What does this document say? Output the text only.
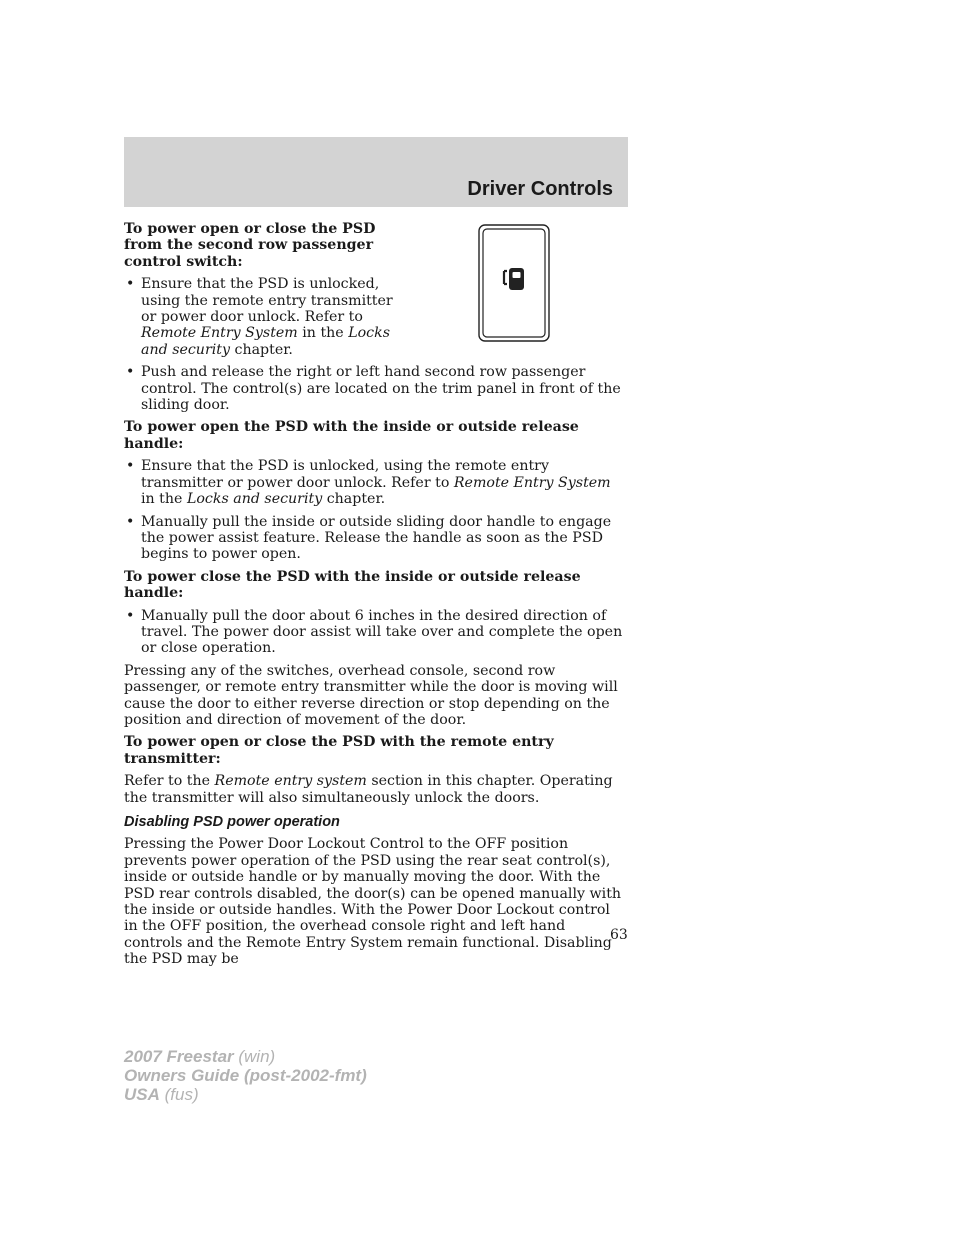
Driver Controls

To power open or close the PSD from the second row passenger control switch:

• Ensure that the PSD is unlocked, using the remote entry transmitter or power door unlock. Refer to Remote Entry System in the Locks and security chapter.
• Push and release the right or left hand second row passenger control. The control(s) are located on the trim panel in front of the sliding door.

To power open the PSD with the inside or outside release handle:

• Ensure that the PSD is unlocked, using the remote entry transmitter or power door unlock. Refer to Remote Entry System in the Locks and security chapter.
• Manually pull the inside or outside sliding door handle to engage the power assist feature. Release the handle as soon as the PSD begins to power open.

To power close the PSD with the inside or outside release handle:

• Manually pull the door about 6 inches in the desired direction of travel. The power door assist will take over and complete the open or close operation.

Pressing any of the switches, overhead console, second row passenger, or remote entry transmitter while the door is moving will cause the door to either reverse direction or stop depending on the position and direction of movement of the door.

To power open or close the PSD with the remote entry transmitter:

Refer to the Remote entry system section in this chapter. Operating the transmitter will also simultaneously unlock the doors.

Disabling PSD power operation

Pressing the Power Door Lockout Control to the OFF position prevents power operation of the PSD using the rear seat control(s), inside or outside handle or by manually moving the door. With the PSD rear controls disabled, the door(s) can be opened manually with the inside or outside handles. With the Power Door Lockout control in the OFF position, the overhead console right and left hand controls and the Remote Entry System remain functional. Disabling the PSD may be

63
2007 Freestar (win)
Owners Guide (post-2002-fmt)
USA (fus)
